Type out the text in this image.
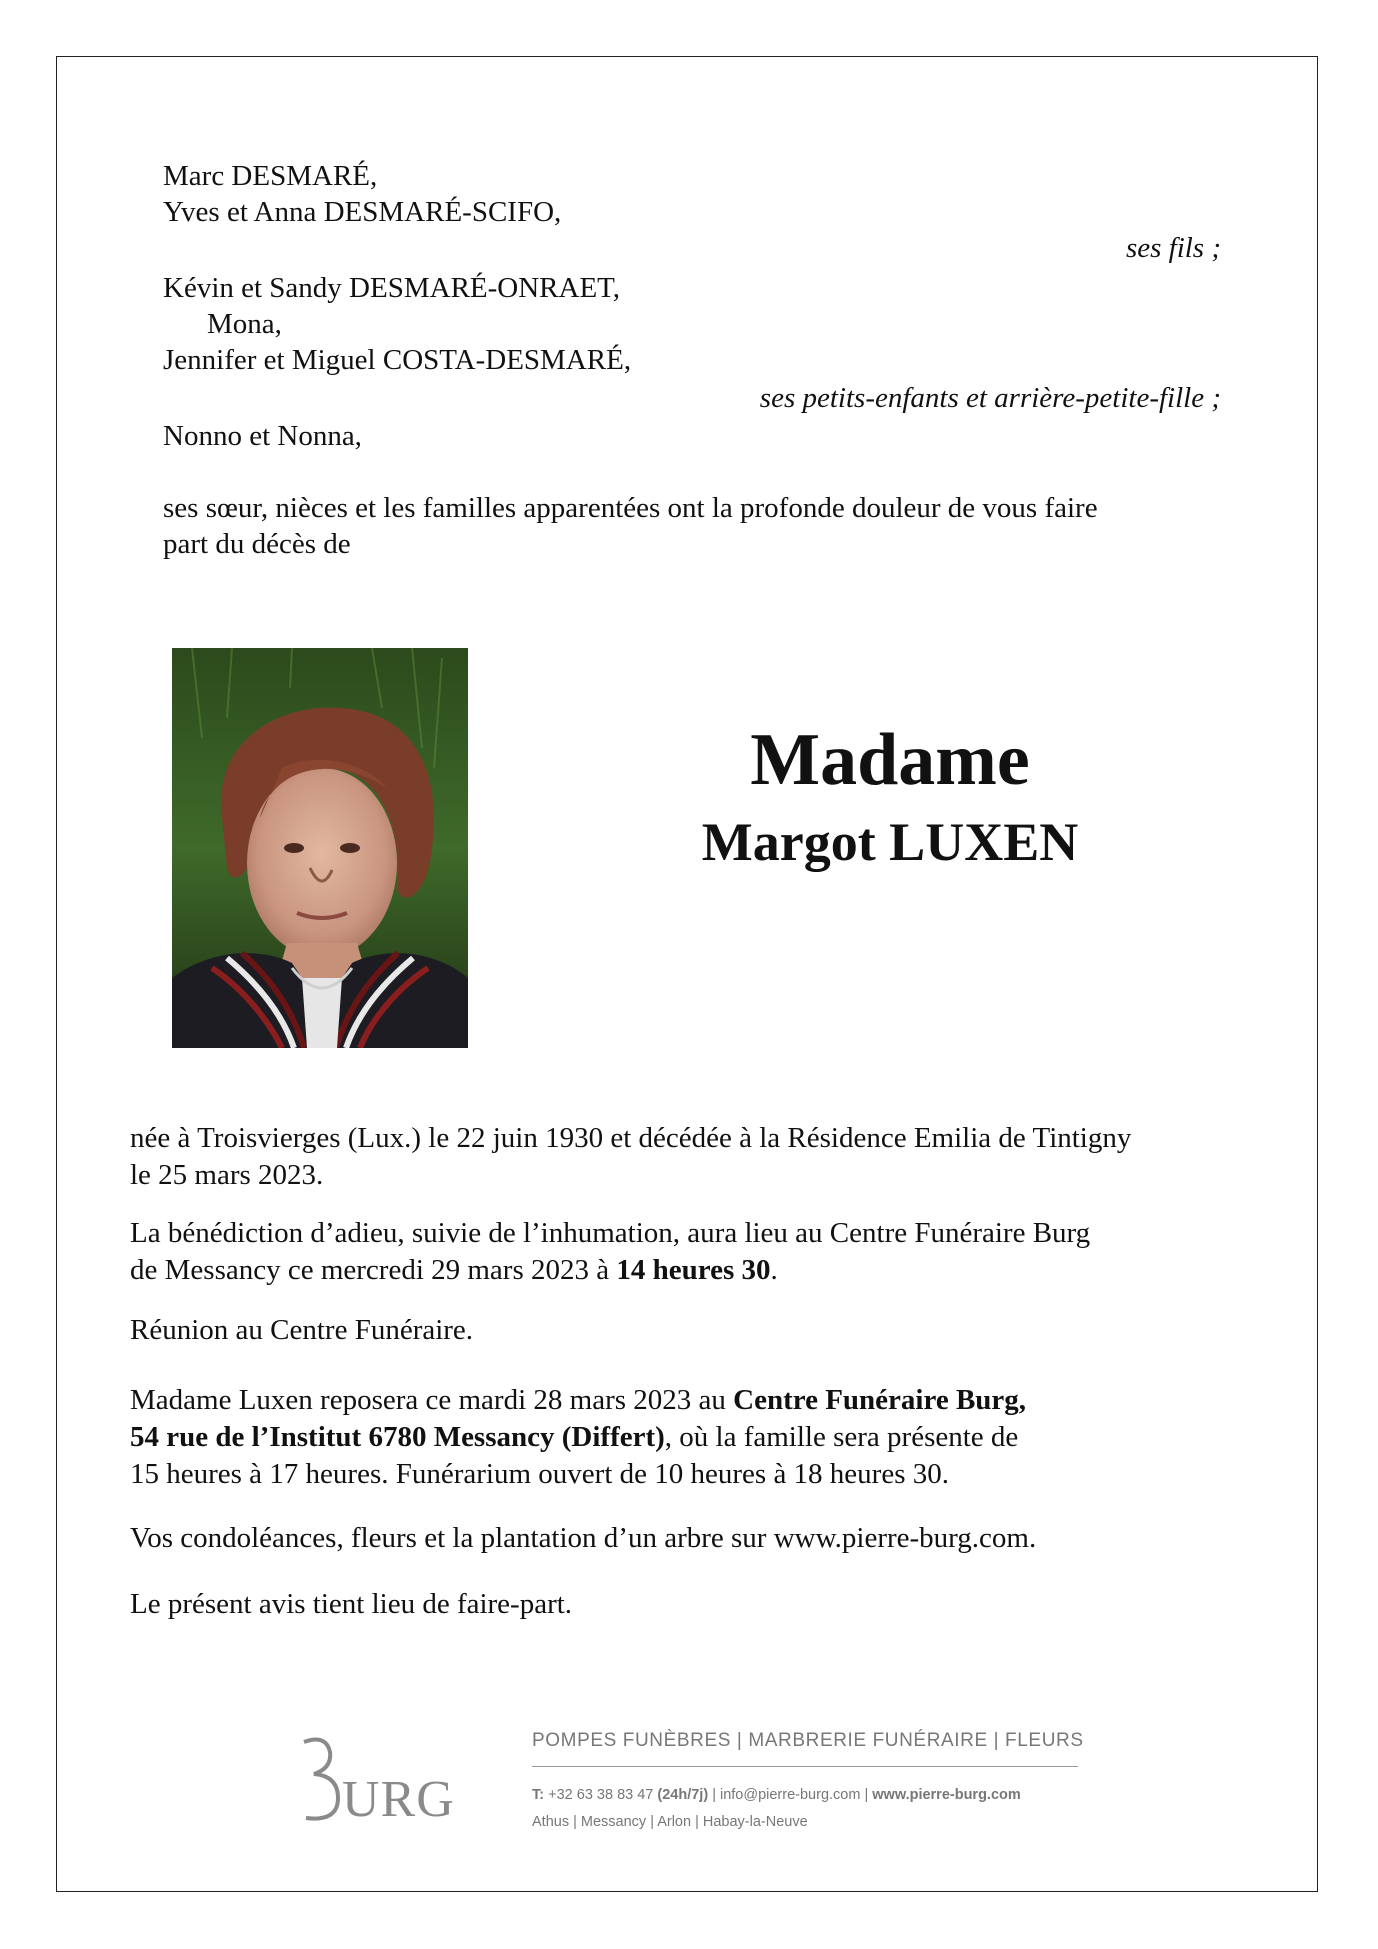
Marc DESMARÉ,
Yves et Anna DESMARÉ-SCIFO,
ses fils ;
Kévin et Sandy DESMARÉ-ONRAET,
Mona,
Jennifer et Miguel COSTA-DESMARÉ,
ses petits-enfants et arrière-petite-fille ;
Nonno et Nonna,
ses sœur, nièces et les familles apparentées ont la profonde douleur de vous faire
part du décès de
Madame
Margot LUXEN
née à Troisvierges (Lux.) le 22 juin 1930 et décédée à la Résidence Emilia de Tintigny
le 25 mars 2023.
La bénédiction d’adieu, suivie de l’inhumation, aura lieu au Centre Funéraire Burg
de Messancy ce mercredi 29 mars 2023 à 14 heures 30.
Réunion au Centre Funéraire.
Madame Luxen reposera ce mardi 28 mars 2023 au Centre Funéraire Burg,
54 rue de l’Institut 6780 Messancy (Differt), où la famille sera présente de
15 heures à 17 heures. Funérarium ouvert de 10 heures à 18 heures 30.
Vos condoléances, fleurs et la plantation d’un arbre sur www.pierre-burg.com.
Le présent avis tient lieu de faire-part.
URG
POMPES FUNÈBRES | MARBRERIE FUNÉRAIRE | FLEURS
T: +32 63 38 83 47 (24h/7j) | info@pierre-burg.com | www.pierre-burg.com
Athus | Messancy | Arlon | Habay-la-Neuve
